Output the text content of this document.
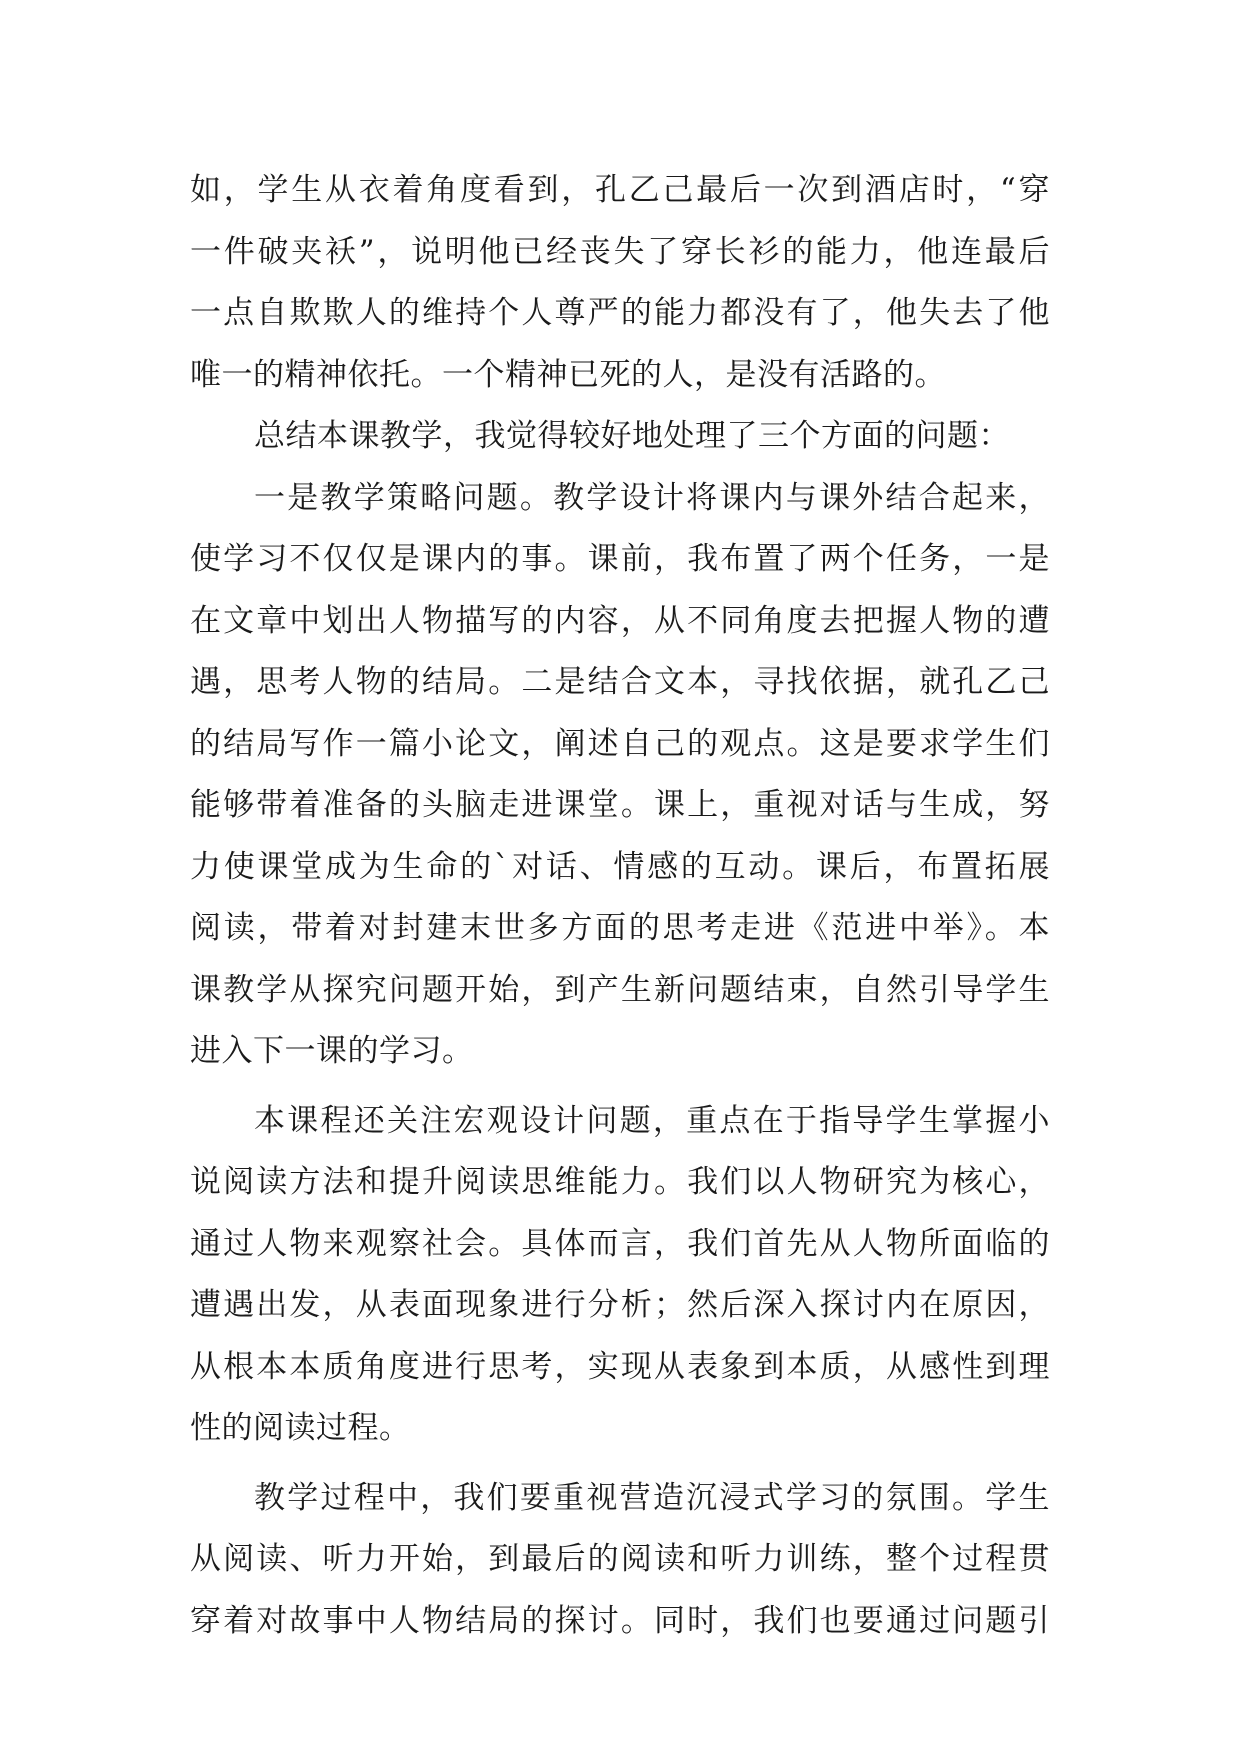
如，学生从衣着角度看到，孔乙己最后一次到酒店时，“穿
一件破夹袄”，说明他已经丧失了穿长衫的能力，他连最后
一点自欺欺人的维持个人尊严的能力都没有了，他失去了他
唯一的精神依托。一个精神已死的人，是没有活路的。
总结本课教学，我觉得较好地处理了三个方面的问题：
一是教学策略问题。教学设计将课内与课外结合起来，
使学习不仅仅是课内的事。课前，我布置了两个任务，一是
在文章中划出人物描写的内容，从不同角度去把握人物的遭
遇，思考人物的结局。二是结合文本，寻找依据，就孔乙己
的结局写作一篇小论文，阐述自己的观点。这是要求学生们
能够带着准备的头脑走进课堂。课上，重视对话与生成，努
力使课堂成为生命的`对话、情感的互动。课后，布置拓展
阅读，带着对封建末世多方面的思考走进《范进中举》。本
课教学从探究问题开始，到产生新问题结束，自然引导学生
进入下一课的学习。
本课程还关注宏观设计问题，重点在于指导学生掌握小
说阅读方法和提升阅读思维能力。我们以人物研究为核心，
通过人物来观察社会。具体而言，我们首先从人物所面临的
遭遇出发，从表面现象进行分析；然后深入探讨内在原因，
从根本本质角度进行思考，实现从表象到本质，从感性到理
性的阅读过程。
教学过程中，我们要重视营造沉浸式学习的氛围。学生
从阅读、听力开始，到最后的阅读和听力训练，整个过程贯
穿着对故事中人物结局的探讨。同时，我们也要通过问题引
